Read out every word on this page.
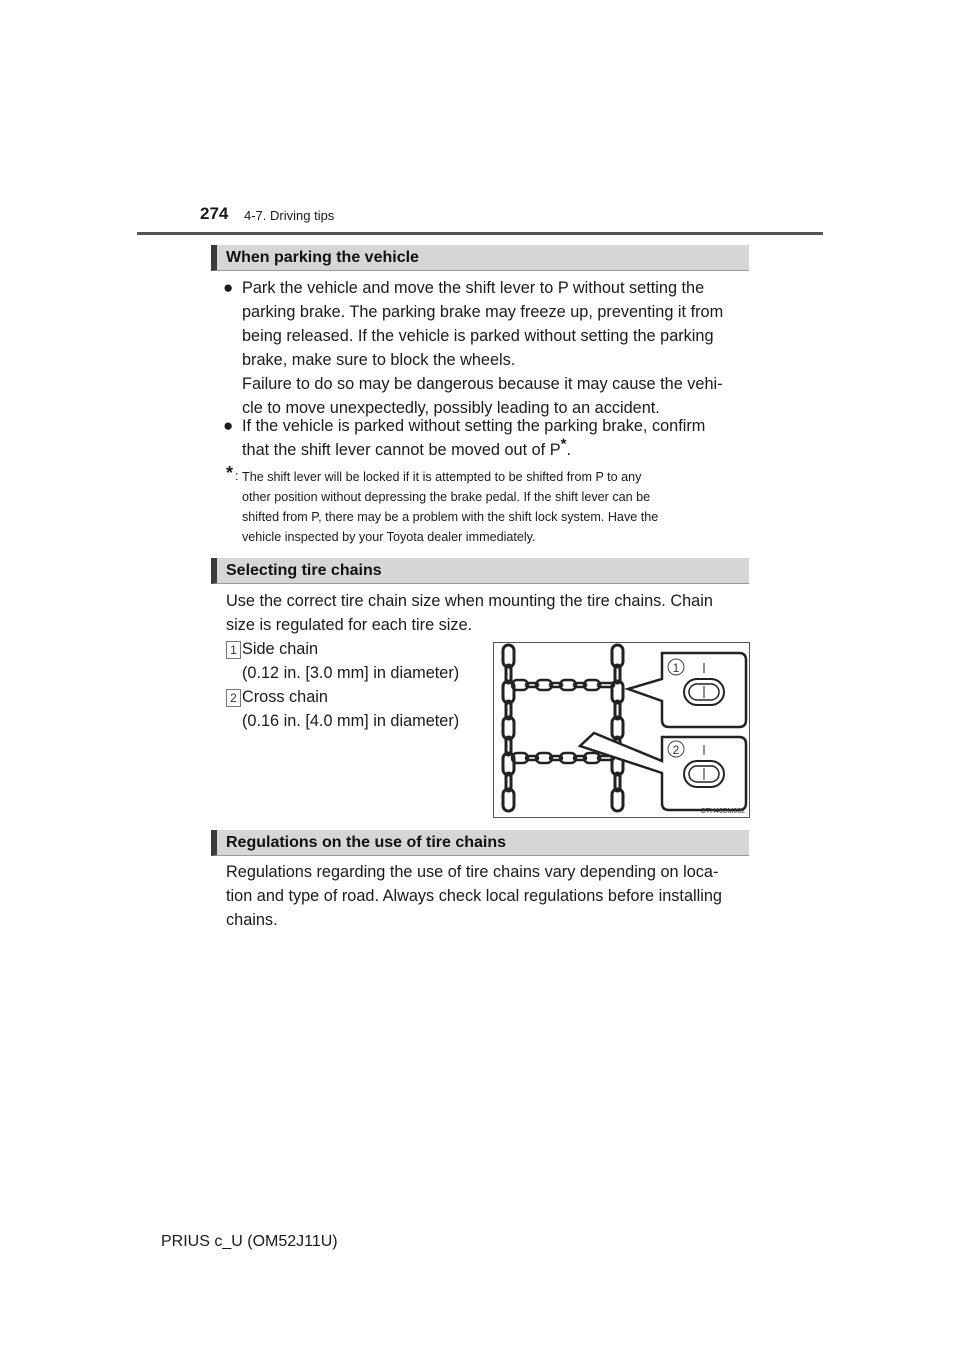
274 4-7. Driving tips
When parking the vehicle
● Park the vehicle and move the shift lever to P without setting the
parking brake. The parking brake may freeze up, preventing it from
being released. If the vehicle is parked without setting the parking
brake, make sure to block the wheels.
Failure to do so may be dangerous because it may cause the vehi-
cle to move unexpectedly, possibly leading to an accident.
● If the vehicle is parked without setting the parking brake, confirm
that the shift lever cannot be moved out of P*.
* : The shift lever will be locked if it is attempted to be shifted from P to any
other position without depressing the brake pedal. If the shift lever can be
shifted from P, there may be a problem with the shift lock system. Have the
vehicle inspected by your Toyota dealer immediately.
Selecting tire chains
Use the correct tire chain size when mounting the tire chains. Chain
size is regulated for each tire size.
1 Side chain
(0.12 in. [3.0 mm] in diameter)
2 Cross chain
(0.16 in. [4.0 mm] in diameter)
1
2
CTH46BM002
Regulations on the use of tire chains
Regulations regarding the use of tire chains vary depending on loca-
tion and type of road. Always check local regulations before installing
chains.
PRIUS c_U (OM52J11U)
